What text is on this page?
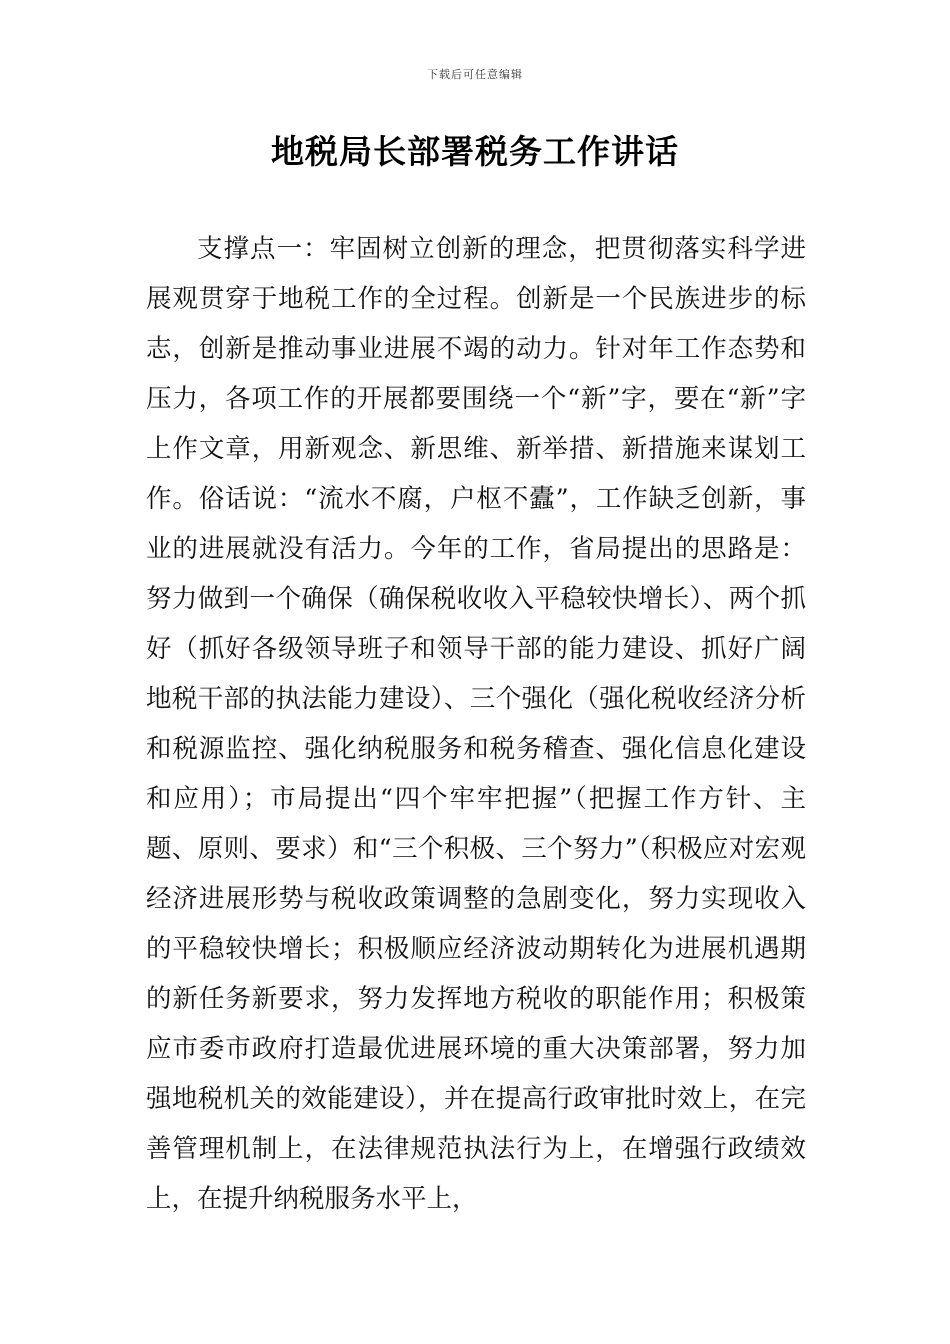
下载后可任意编辑
地税局长部署税务工作讲话

支撑点一：牢固树立创新的理念，把贯彻落实科学进展观贯穿于地税工作的全过程。创新是一个民族进步的标志，创新是推动事业进展不竭的动力。针对年工作态势和压力，各项工作的开展都要围绕一个“新”字，要在“新”字上作文章，用新观念、新思维、新举措、新措施来谋划工作。俗话说：“流水不腐，户枢不蠹”，工作缺乏创新，事业的进展就没有活力。今年的工作，省局提出的思路是：努力做到一个确保（确保税收收入平稳较快增长）、两个抓好（抓好各级领导班子和领导干部的能力建设、抓好广阔地税干部的执法能力建设）、三个强化（强化税收经济分析和税源监控、强化纳税服务和税务稽查、强化信息化建设和应用）；市局提出“四个牢牢把握”（把握工作方针、主题、原则、要求）和“三个积极、三个努力”（积极应对宏观经济进展形势与税收政策调整的急剧变化，努力实现收入的平稳较快增长；积极顺应经济波动期转化为进展机遇期的新任务新要求，努力发挥地方税收的职能作用；积极策应市委市政府打造最优进展环境的重大决策部署，努力加强地税机关的效能建设），并在提高行政审批时效上，在完善管理机制上，在法律规范执法行为上，在增强行政绩效上，在提升纳税服务水平上，
